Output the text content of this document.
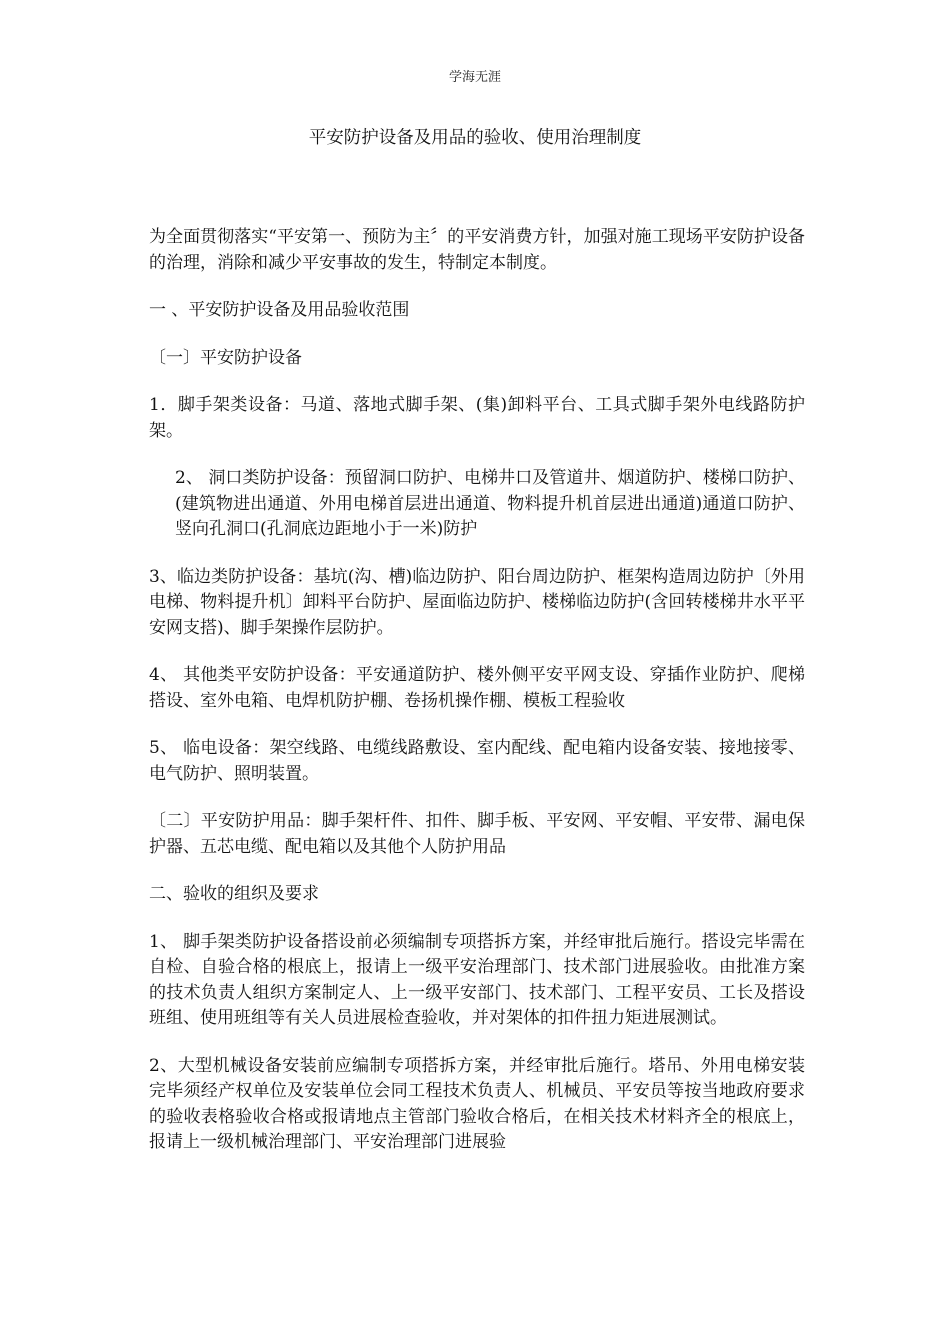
学海无涯
平安防护设备及用品的验收、使用治理制度

为全面贯彻落实“平安第一、预防为主〞的平安消费方针，加强对施工现场平安防护设备的治理，消除和减少平安事故的发生，特制定本制度。

一 、平安防护设备及用品验收范围

〔一〕平安防护设备

1．脚手架类设备：马道、落地式脚手架、(集)卸料平台、工具式脚手架外电线路防护架。

2、 洞口类防护设备：预留洞口防护、电梯井口及管道井、烟道防护、楼梯口防护、(建筑物进出通道、外用电梯首层进出通道、物料提升机首层进出通道)通道口防护、竖向孔洞口(孔洞底边距地小于一米)防护

3、临边类防护设备：基坑(沟、槽)临边防护、阳台周边防护、框架构造周边防护〔外用电梯、物料提升机〕卸料平台防护、屋面临边防护、楼梯临边防护(含回转楼梯井水平平安网支搭)、脚手架操作层防护。

4、 其他类平安防护设备：平安通道防护、楼外侧平安平网支设、穿插作业防护、爬梯搭设、室外电箱、电焊机防护棚、卷扬机操作棚、模板工程验收

5、 临电设备：架空线路、电缆线路敷设、室内配线、配电箱内设备安装、接地接零、电气防护、照明装置。

〔二〕平安防护用品：脚手架杆件、扣件、脚手板、平安网、平安帽、平安带、漏电保护器、五芯电缆、配电箱以及其他个人防护用品

二、验收的组织及要求

1、 脚手架类防护设备搭设前必须编制专项搭拆方案，并经审批后施行。搭设完毕需在自检、自验合格的根底上，报请上一级平安治理部门、技术部门进展验收。由批准方案的技术负责人组织方案制定人、上一级平安部门、技术部门、工程平安员、工长及搭设班组、使用班组等有关人员进展检查验收，并对架体的扣件扭力矩进展测试。

2、大型机械设备安装前应编制专项搭拆方案，并经审批后施行。塔吊、外用电梯安装完毕须经产权单位及安装单位会同工程技术负责人、机械员、平安员等按当地政府要求的验收表格验收合格或报请地点主管部门验收合格后，在相关技术材料齐全的根底上，报请上一级机械治理部门、平安治理部门进展验
